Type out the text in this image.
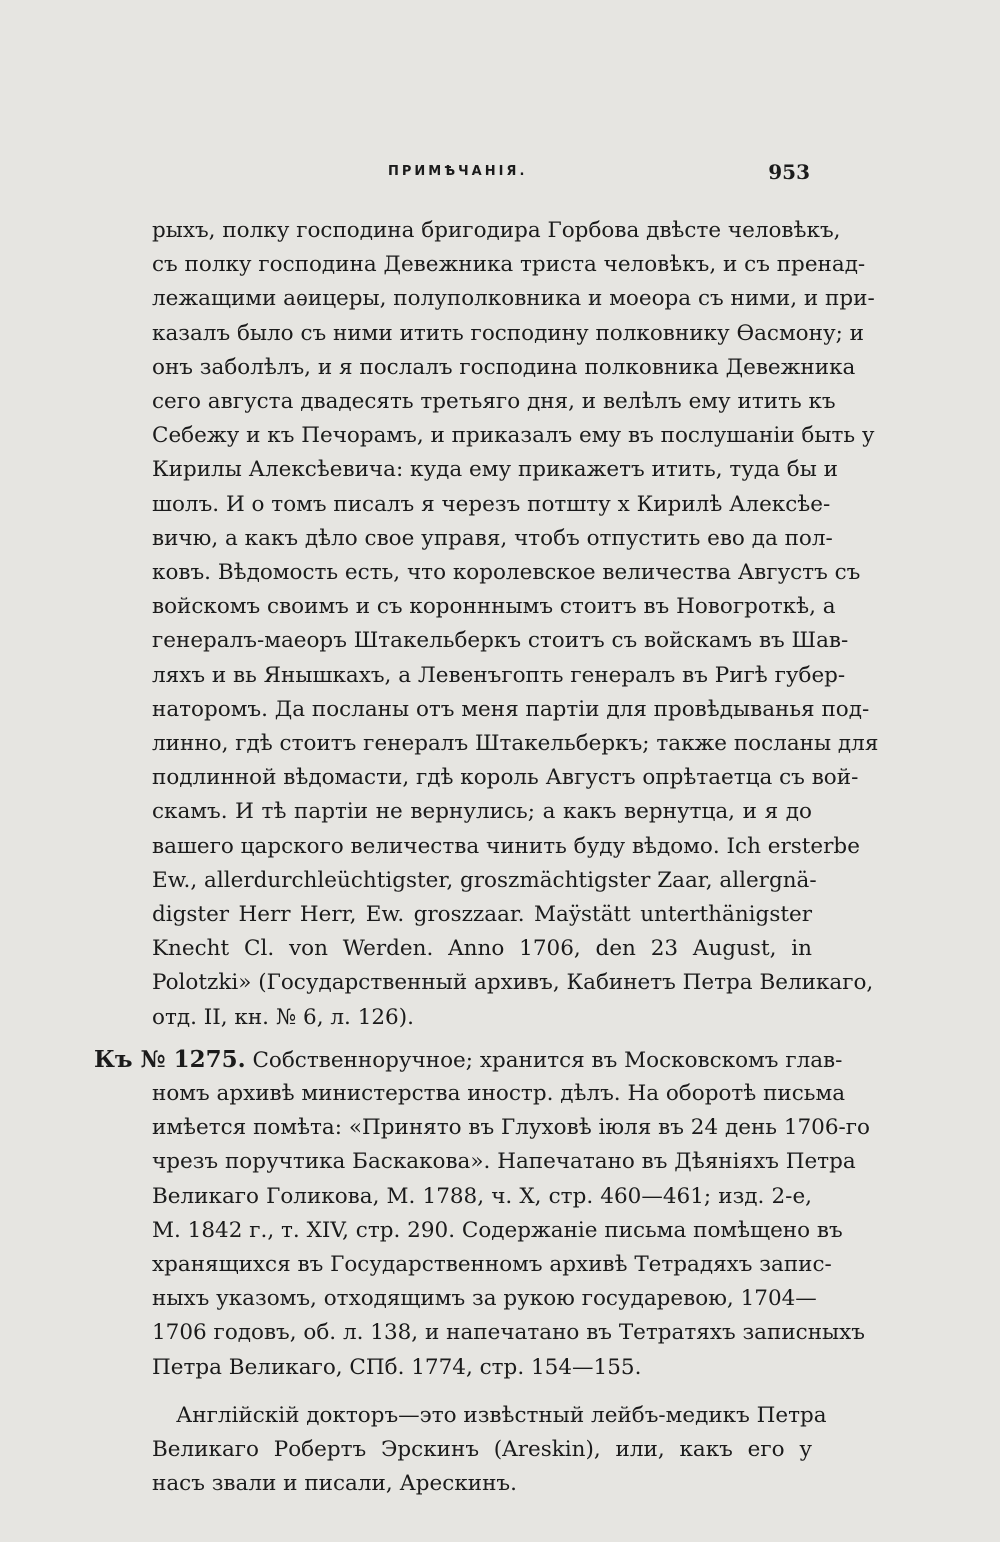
ПРИМѢЧАНІЯ.	953
рыхъ, полку господина бригодира Горбова двѣсте человѣкъ,
съ полку господина Девежника триста человѣкъ, и съ пренад-
лежащими аѳицеры, полуполковника и моеора съ ними, и при-
казалъ было съ ними итить господину полковнику Ѳасмону; и
онъ заболѣлъ, и я послалъ господина полковника Девежника
сего августа двадесять третьяго дня, и велѣлъ ему итить къ
Себежу и къ Печорамъ, и приказалъ ему въ послушаніи быть у
Кирилы Алексѣевича: куда ему прикажетъ итить, туда бы и
шолъ. И о томъ писалъ я черезъ потшту х Кирилѣ Алексѣе-
вичю, а какъ дѣло свое управя, чтобъ отпустить ево да пол-
ковъ. Вѣдомость есть, что королевское величества Августъ съ
войскомъ своимъ и съ коронннымъ стоитъ въ Новогроткѣ, а
генералъ-маеоръ Штакельберкъ стоитъ съ войскамъ въ Шав-
ляхъ и вь Янышкахъ, а Левенъгопть генералъ въ Ригѣ губер-
наторомъ. Да посланы отъ меня партіи для провѣдыванья под-
линно, гдѣ стоитъ генералъ Штакельберкъ; также посланы для
подлинной вѣдомасти, гдѣ король Августъ опрѣтаетца съ вой-
скамъ. И тѣ партіи не вернулись; а какъ вернутца, и я до
вашего царского величества чинить буду вѣдомо. Ich ersterbe
Ew., allerdurchleüchtigster, groszmächtigster Zaar, allergnä-
digster Herr Herr, Ew. groszzaar. Maÿstätt unterthänigster
Knecht Cl. von Werden. Anno 1706, den 23 August, in
Polotzki» (Государственный архивъ, Кабинетъ Петра Великаго,
отд. II, кн. № 6, л. 126).
Къ № 1275. Собственноручное; хранится въ Московскомъ глав-
номъ архивѣ министерства иностр. дѣлъ. На оборотѣ письма
имѣется помѣта: «Принято въ Глуховѣ іюля въ 24 день 1706-го
чрезъ поручтика Баскакова». Напечатано въ Дѣяніяхъ Петра
Великаго Голикова, М. 1788, ч. X, стр. 460—461; изд. 2-е,
М. 1842 г., т. XIV, стр. 290. Содержаніе письма помѣщено въ
хранящихся въ Государственномъ архивѣ Тетрадяхъ запис-
ныхъ указомъ, отходящимъ за рукою государевою, 1704—
1706 годовъ, об. л. 138, и напечатано въ Тетратяхъ записныхъ
Петра Великаго, СПб. 1774, стр. 154—155.
Англійскій докторъ—это извѣстный лейбъ-медикъ Петра
Великаго Робертъ Эрскинъ (Areskin), или, какъ его у
насъ звали и писали, Арескинъ.
